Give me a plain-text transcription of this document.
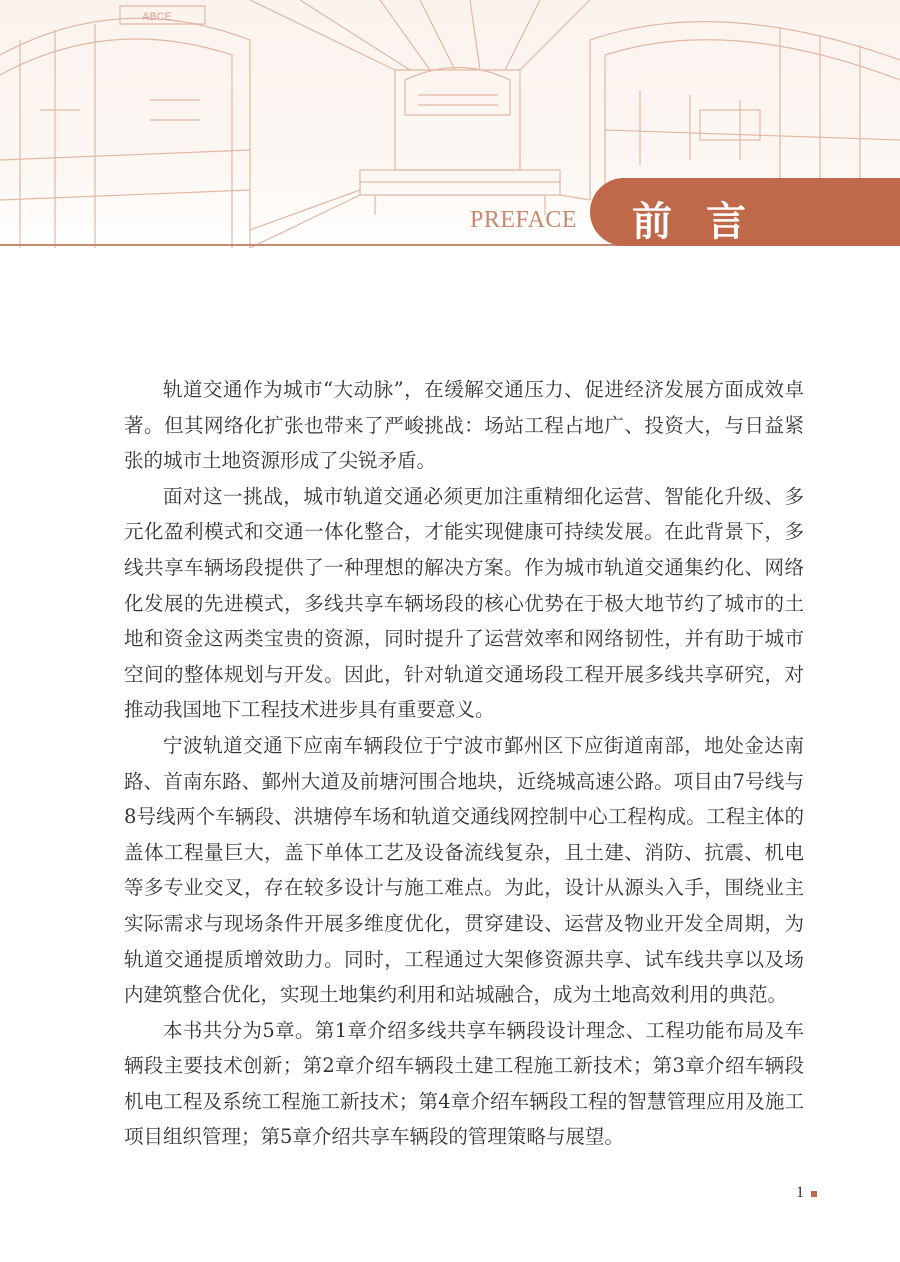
ABCE
PREFACE 前言

轨道交通作为城市“大动脉”，在缓解交通压力、促进经济发展方面成效卓著。但其网络化扩张也带来了严峻挑战：场站工程占地广、投资大，与日益紧张的城市土地资源形成了尖锐矛盾。

面对这一挑战，城市轨道交通必须更加注重精细化运营、智能化升级、多元化盈利模式和交通一体化整合，才能实现健康可持续发展。在此背景下，多线共享车辆场段提供了一种理想的解决方案。作为城市轨道交通集约化、网络化发展的先进模式，多线共享车辆场段的核心优势在于极大地节约了城市的土地和资金这两类宝贵的资源，同时提升了运营效率和网络韧性，并有助于城市空间的整体规划与开发。因此，针对轨道交通场段工程开展多线共享研究，对推动我国地下工程技术进步具有重要意义。

宁波轨道交通下应南车辆段位于宁波市鄞州区下应街道南部，地处金达南路、首南东路、鄞州大道及前塘河围合地块，近绕城高速公路。项目由7号线与8号线两个车辆段、洪塘停车场和轨道交通线网控制中心工程构成。工程主体的盖体工程量巨大，盖下单体工艺及设备流线复杂，且土建、消防、抗震、机电等多专业交叉，存在较多设计与施工难点。为此，设计从源头入手，围绕业主实际需求与现场条件开展多维度优化，贯穿建设、运营及物业开发全周期，为轨道交通提质增效助力。同时，工程通过大架修资源共享、试车线共享以及场内建筑整合优化，实现土地集约利用和站城融合，成为土地高效利用的典范。

本书共分为5章。第1章介绍多线共享车辆段设计理念、工程功能布局及车辆段主要技术创新；第2章介绍车辆段土建工程施工新技术；第3章介绍车辆段机电工程及系统工程施工新技术；第4章介绍车辆段工程的智慧管理应用及施工项目组织管理；第5章介绍共享车辆段的管理策略与展望。

1
